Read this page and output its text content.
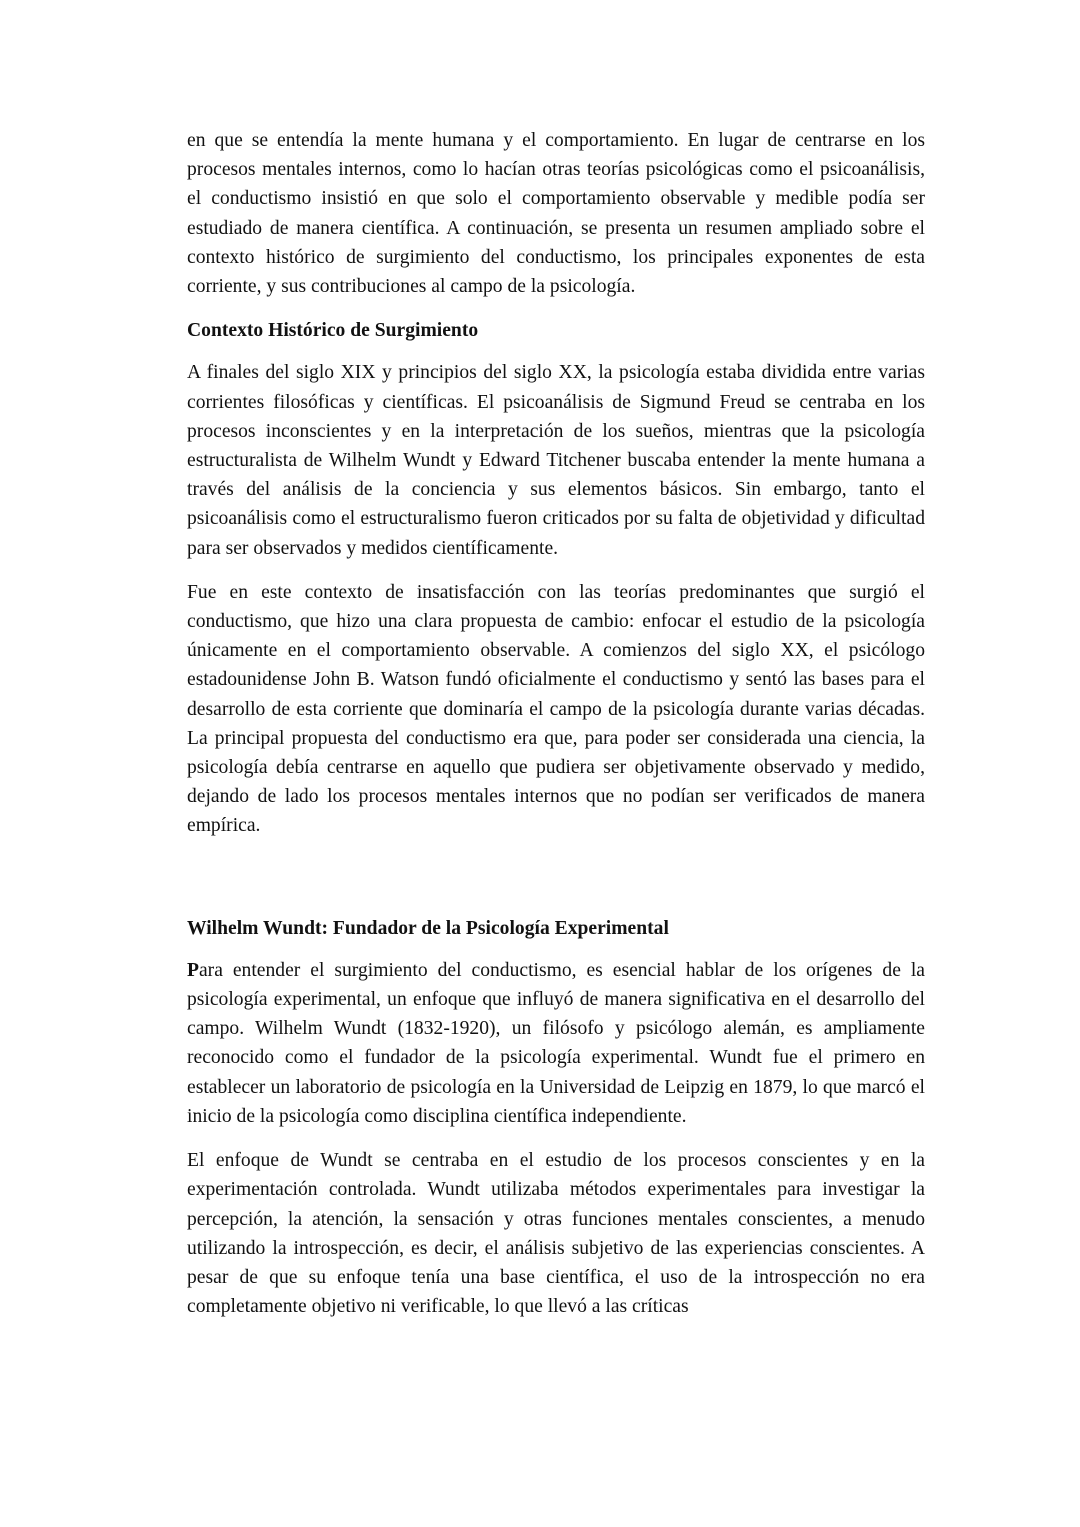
en que se entendía la mente humana y el comportamiento. En lugar de centrarse en los procesos mentales internos, como lo hacían otras teorías psicológicas como el psicoanálisis, el conductismo insistió en que solo el comportamiento observable y medible podía ser estudiado de manera científica. A continuación, se presenta un resumen ampliado sobre el contexto histórico de surgimiento del conductismo, los principales exponentes de esta corriente, y sus contribuciones al campo de la psicología.

Contexto Histórico de Surgimiento

A finales del siglo XIX y principios del siglo XX, la psicología estaba dividida entre varias corrientes filosóficas y científicas. El psicoanálisis de Sigmund Freud se centraba en los procesos inconscientes y en la interpretación de los sueños, mientras que la psicología estructuralista de Wilhelm Wundt y Edward Titchener buscaba entender la mente humana a través del análisis de la conciencia y sus elementos básicos. Sin embargo, tanto el psicoanálisis como el estructuralismo fueron criticados por su falta de objetividad y dificultad para ser observados y medidos científicamente.

Fue en este contexto de insatisfacción con las teorías predominantes que surgió el conductismo, que hizo una clara propuesta de cambio: enfocar el estudio de la psicología únicamente en el comportamiento observable. A comienzos del siglo XX, el psicólogo estadounidense John B. Watson fundó oficialmente el conductismo y sentó las bases para el desarrollo de esta corriente que dominaría el campo de la psicología durante varias décadas. La principal propuesta del conductismo era que, para poder ser considerada una ciencia, la psicología debía centrarse en aquello que pudiera ser objetivamente observado y medido, dejando de lado los procesos mentales internos que no podían ser verificados de manera empírica.

Wilhelm Wundt: Fundador de la Psicología Experimental

Para entender el surgimiento del conductismo, es esencial hablar de los orígenes de la psicología experimental, un enfoque que influyó de manera significativa en el desarrollo del campo. Wilhelm Wundt (1832-1920), un filósofo y psicólogo alemán, es ampliamente reconocido como el fundador de la psicología experimental. Wundt fue el primero en establecer un laboratorio de psicología en la Universidad de Leipzig en 1879, lo que marcó el inicio de la psicología como disciplina científica independiente.

El enfoque de Wundt se centraba en el estudio de los procesos conscientes y en la experimentación controlada. Wundt utilizaba métodos experimentales para investigar la percepción, la atención, la sensación y otras funciones mentales conscientes, a menudo utilizando la introspección, es decir, el análisis subjetivo de las experiencias conscientes. A pesar de que su enfoque tenía una base científica, el uso de la introspección no era completamente objetivo ni verificable, lo que llevó a las críticas
